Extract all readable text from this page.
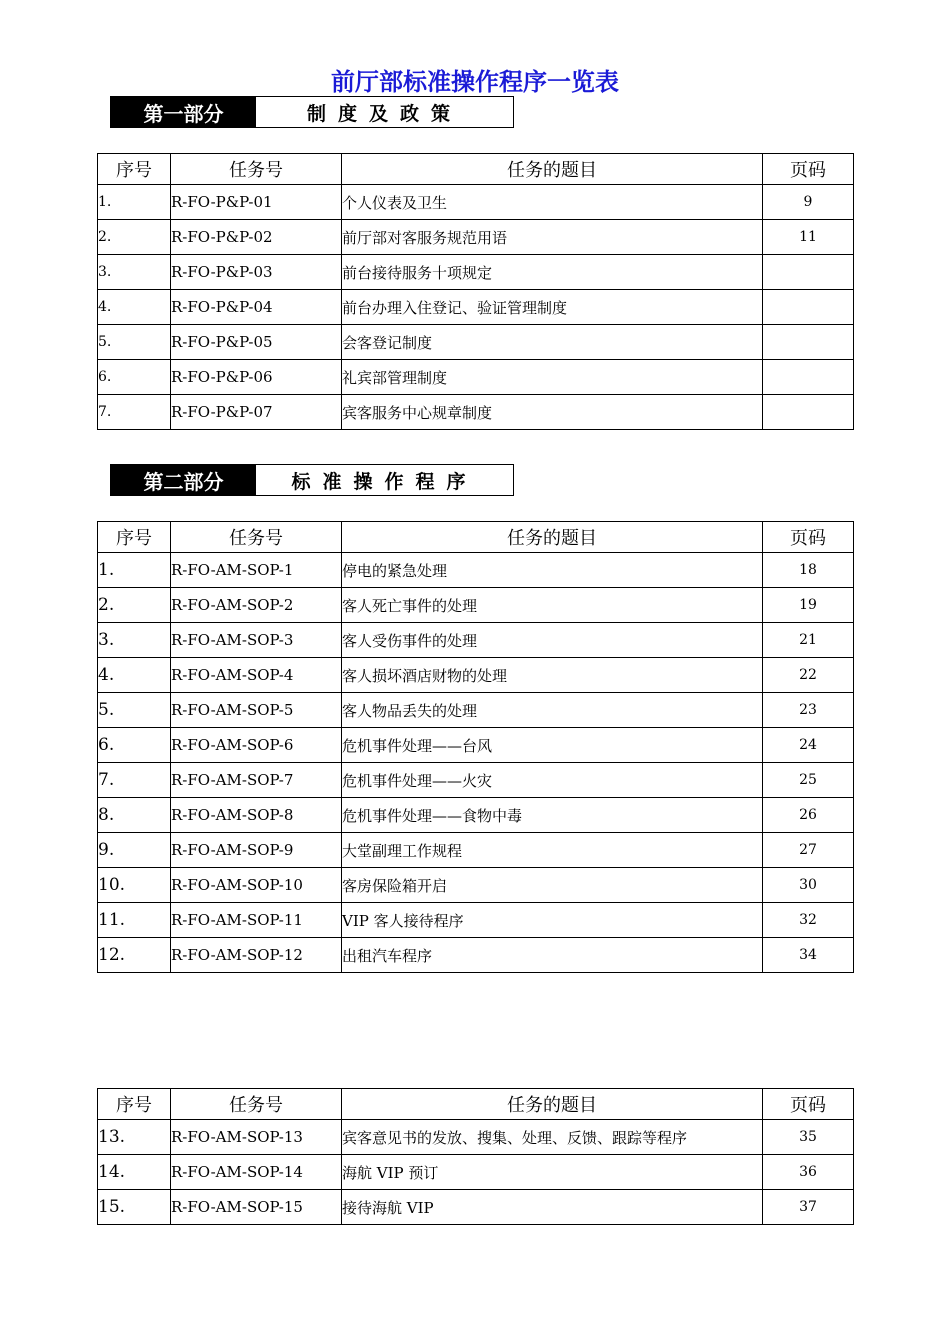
前厅部标准操作程序一览表
第一部分	制度及政策
序号	任务号	任务的题目	页码
1.	R-FO-P&P-01	个人仪表及卫生	9
2.	R-FO-P&P-02	前厅部对客服务规范用语	11
3.	R-FO-P&P-03	前台接待服务十项规定	
4.	R-FO-P&P-04	前台办理入住登记、验证管理制度	
5.	R-FO-P&P-05	会客登记制度	
6.	R-FO-P&P-06	礼宾部管理制度	
7.	R-FO-P&P-07	宾客服务中心规章制度	
第二部分	标准操作程序
序号	任务号	任务的题目	页码
1.	R-FO-AM-SOP-1	停电的紧急处理	18
2.	R-FO-AM-SOP-2	客人死亡事件的处理	19
3.	R-FO-AM-SOP-3	客人受伤事件的处理	21
4.	R-FO-AM-SOP-4	客人损坏酒店财物的处理	22
5.	R-FO-AM-SOP-5	客人物品丢失的处理	23
6.	R-FO-AM-SOP-6	危机事件处理——台风	24
7.	R-FO-AM-SOP-7	危机事件处理——火灾	25
8.	R-FO-AM-SOP-8	危机事件处理——食物中毒	26
9.	R-FO-AM-SOP-9	大堂副理工作规程	27
10.	R-FO-AM-SOP-10	客房保险箱开启	30
11.	R-FO-AM-SOP-11	VIP 客人接待程序	32
12.	R-FO-AM-SOP-12	出租汽车程序	34
序号	任务号	任务的题目	页码
13.	R-FO-AM-SOP-13	宾客意见书的发放、搜集、处理、反馈、跟踪等程序	35
14.	R-FO-AM-SOP-14	海航 VIP 预订	36
15.	R-FO-AM-SOP-15	接待海航 VIP	37
